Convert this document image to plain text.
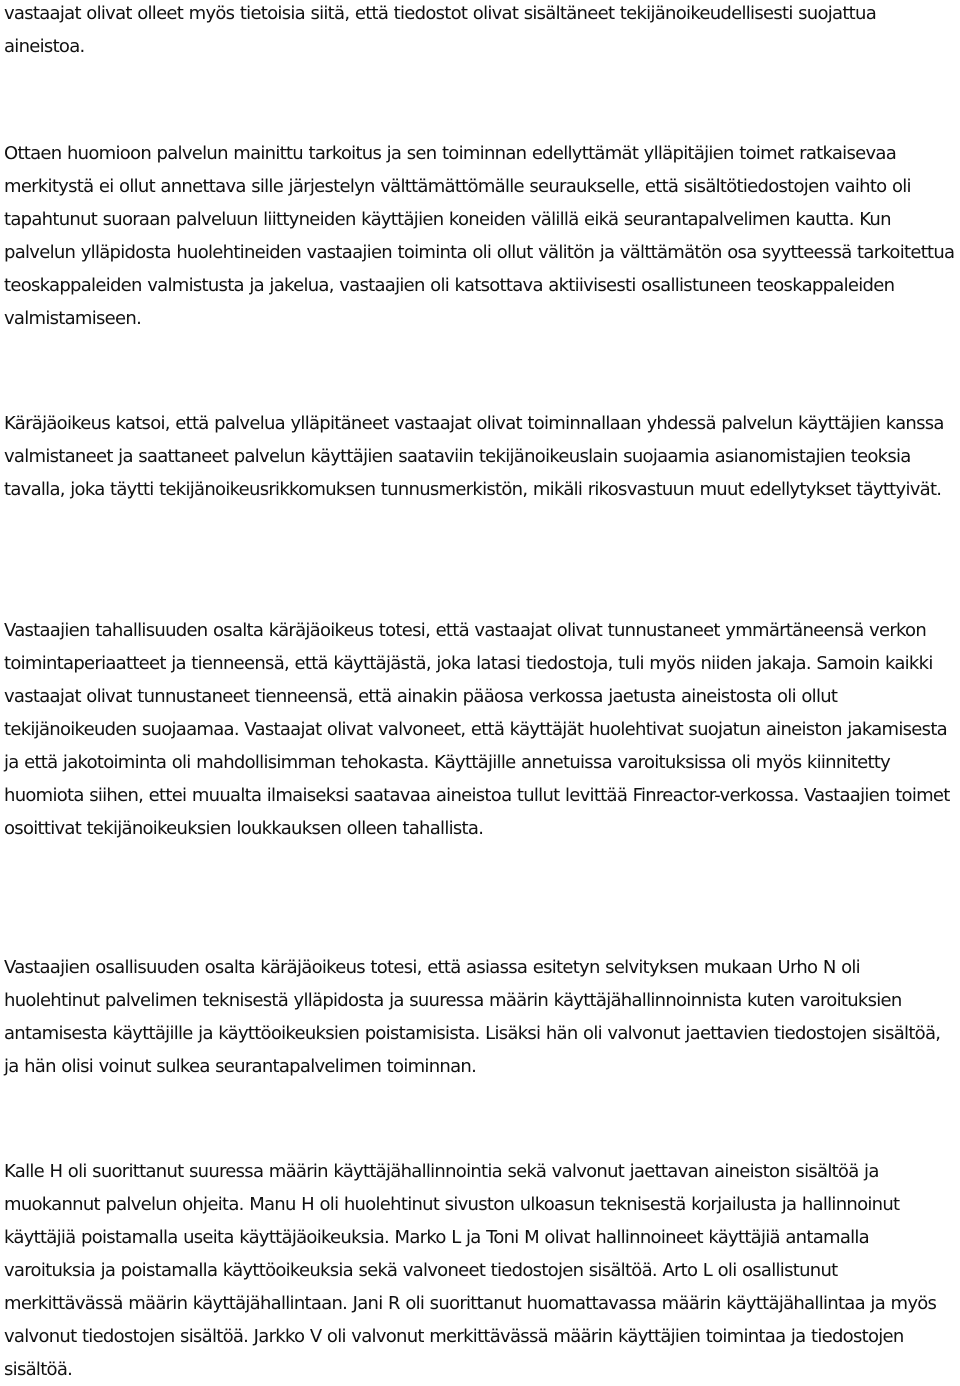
vastaajat olivat olleet myös tietoisia siitä, että tiedostot olivat sisältäneet tekijänoikeudellisesti suojattua aineistoa.

Ottaen huomioon palvelun mainittu tarkoitus ja sen toiminnan edellyttämät ylläpitäjien toimet ratkaisevaa merkitystä ei ollut annettava sille järjestelyn välttämättömälle seuraukselle, että sisältötiedostojen vaihto oli tapahtunut suoraan palveluun liittyneiden käyttäjien koneiden välillä eikä seurantapalvelimen kautta. Kun palvelun ylläpidosta huolehtineiden vastaajien toiminta oli ollut välitön ja välttämätön osa syytteessä tarkoitettua teoskappaleiden valmistusta ja jakelua, vastaajien oli katsottava aktiivisesti osallistuneen teoskappaleiden valmistamiseen.

Käräjäoikeus katsoi, että palvelua ylläpitäneet vastaajat olivat toiminnallaan yhdessä palvelun käyttäjien kanssa valmistaneet ja saattaneet palvelun käyttäjien saataviin tekijänoikeuslain suojaamia asianomistajien teoksia tavalla, joka täytti tekijänoikeusrikkomuksen tunnusmerkistön, mikäli rikosvastuun muut edellytykset täyttyivät.

Vastaajien tahallisuuden osalta käräjäoikeus totesi, että vastaajat olivat tunnustaneet ymmärtäneensä verkon toimintaperiaatteet ja tienneensä, että käyttäjästä, joka latasi tiedostoja, tuli myös niiden jakaja. Samoin kaikki vastaajat olivat tunnustaneet tienneensä, että ainakin pääosa verkossa jaetusta aineistosta oli ollut tekijänoikeuden suojaamaa. Vastaajat olivat valvoneet, että käyttäjät huolehtivat suojatun aineiston jakamisesta ja että jakotoiminta oli mahdollisimman tehokasta. Käyttäjille annetuissa varoituksissa oli myös kiinnitetty huomiota siihen, ettei muualta ilmaiseksi saatavaa aineistoa tullut levittää Finreactor-verkossa. Vastaajien toimet osoittivat tekijänoikeuksien loukkauksen olleen tahallista.

Vastaajien osallisuuden osalta käräjäoikeus totesi, että asiassa esitetyn selvityksen mukaan Urho N oli huolehtinut palvelimen teknisestä ylläpidosta ja suuressa määrin käyttäjähallinnoinnista kuten varoituksien antamisesta käyttäjille ja käyttöoikeuksien poistamisista. Lisäksi hän oli valvonut jaettavien tiedostojen sisältöä, ja hän olisi voinut sulkea seurantapalvelimen toiminnan.

Kalle H oli suorittanut suuressa määrin käyttäjähallinnointia sekä valvonut jaettavan aineiston sisältöä ja muokannut palvelun ohjeita. Manu H oli huolehtinut sivuston ulkoasun teknisestä korjailusta ja hallinnoinut käyttäjiä poistamalla useita käyttäjäoikeuksia. Marko L ja Toni M olivat hallinnoineet käyttäjiä antamalla varoituksia ja poistamalla käyttöoikeuksia sekä valvoneet tiedostojen sisältöä. Arto L oli osallistunut merkittävässä määrin käyttäjähallintaan. Jani R oli suorittanut huomattavassa määrin käyttäjähallintaa ja myös valvonut tiedostojen sisältöä. Jarkko V oli valvonut merkittävässä määrin käyttäjien toimintaa ja tiedostojen sisältöä.
